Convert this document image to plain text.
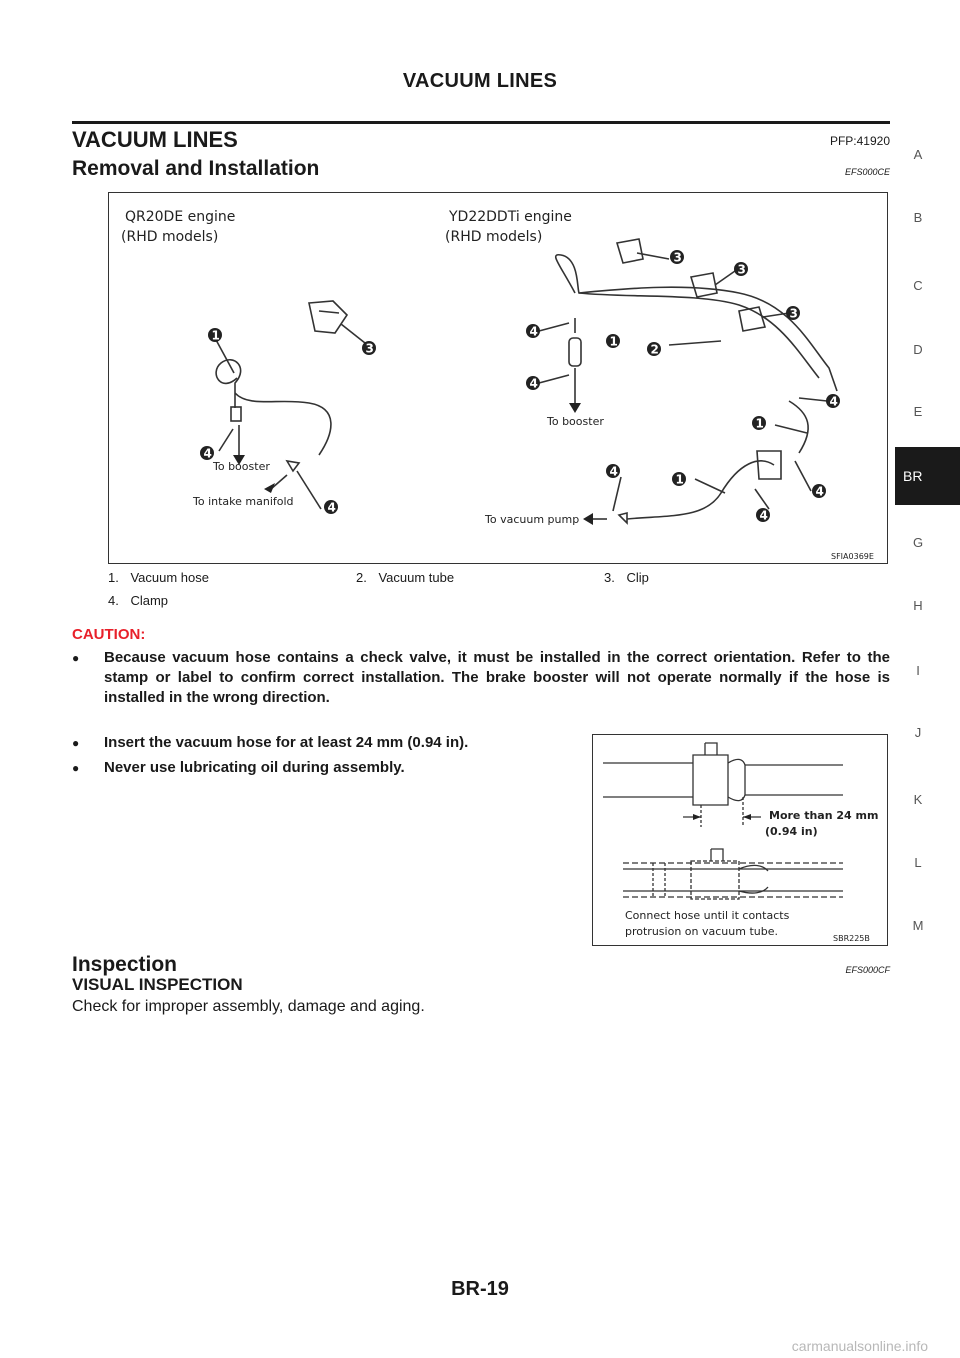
VACUUM LINES
VACUUM LINES	PFP:41920
Removal and Installation	EFS000CE
QR20DE engine
(RHD models)
YD22DDTi engine
(RHD models)
To booster
To intake manifold
To booster
To vacuum pump
SFIA0369E
1
3
4
4
3
3
3
2
1
4
4
4
1
4
4
1
4
1. Vacuum hose	2. Vacuum tube	3. Clip
4. Clamp
CAUTION:
● Because vacuum hose contains a check valve, it must be installed in the correct orientation. Refer to the stamp or label to confirm correct installation. The brake booster will not operate normally if the hose is installed in the wrong direction.
● Insert the vacuum hose for at least 24 mm (0.94 in).
● Never use lubricating oil during assembly.
More than 24 mm
(0.94 in)
Connect hose until it contacts
protrusion on vacuum tube.
SBR225B
Inspection	EFS000CF
VISUAL INSPECTION
Check for improper assembly, damage and aging.
A
B
C
D
E
BR
G
H
I
J
K
L
M
BR-19
carmanualsonline.info
